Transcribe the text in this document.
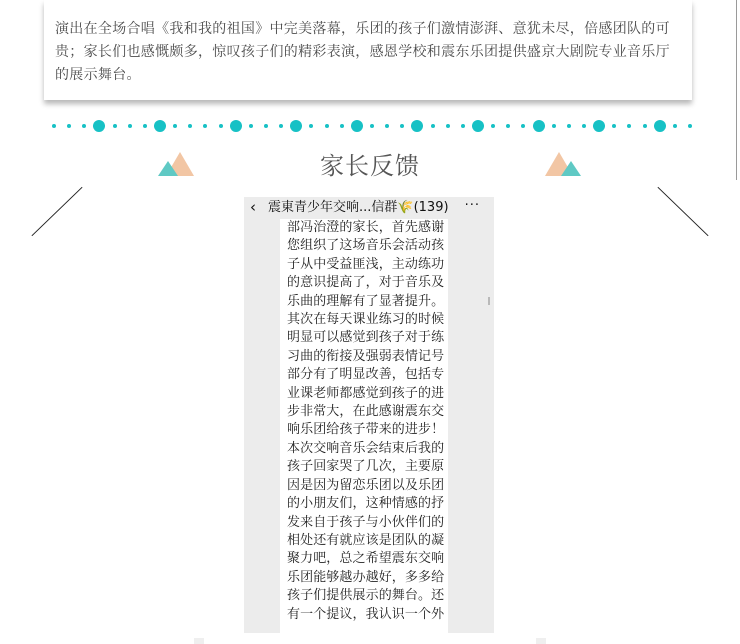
演出在全场合唱《我和我的祖国》中完美落幕，乐团的孩子们激情澎湃、意犹未尽，倍感团队的可贵；家长们也感慨颇多，惊叹孩子们的精彩表演，感恩学校和震东乐团提供盛京大剧院专业音乐厅的展示舞台。

家长反馈
‹ 震東青少年交响...信群🌾(139) ···

部冯治澄的家长，首先感谢您组织了这场音乐会活动孩子从中受益匪浅，主动练功的意识提高了，对于音乐及乐曲的理解有了显著提升。其次在每天课业练习的时候明显可以感觉到孩子对于练习曲的衔接及强弱表情记号部分有了明显改善，包括专业课老师都感觉到孩子的进步非常大，在此感谢震东交响乐团给孩子带来的进步！本次交响音乐会结束后我的孩子回家哭了几次，主要原因是因为留恋乐团以及乐团的小朋友们，这种情感的抒发来自于孩子与小伙伴们的相处还有就应该是团队的凝聚力吧，总之希望震东交响乐团能够越办越好，多多给孩子们提供展示的舞台。还有一个提议，我认识一个外
